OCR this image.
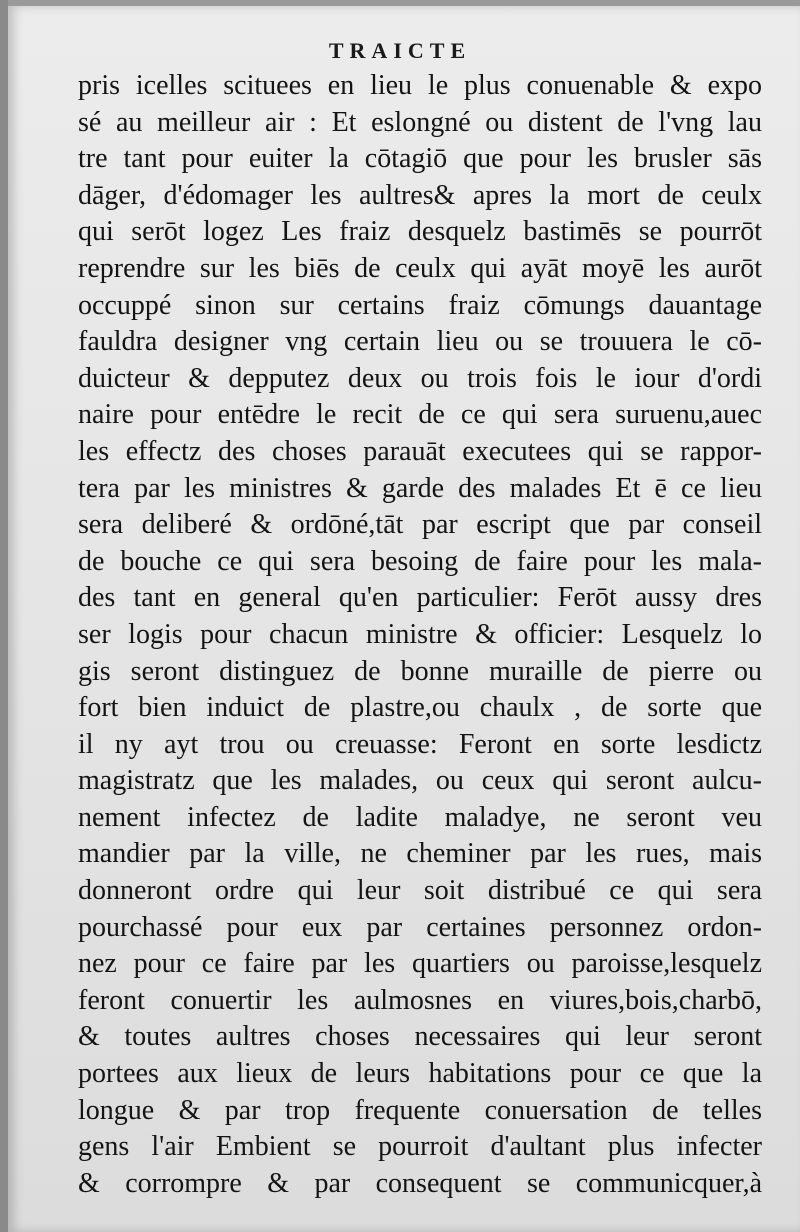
TRAICTE
pris icelles scituees en lieu le plus conuenable & expo
sé au meilleur air : Et eslongné ou distent de l'vng lau
tre tant pour euiter la cōtagiō que pour les brusler sās
dāger, d'édomager les aultres& apres la mort de ceulx
qui serōt logez Les fraiz desquelz bastimēs se pourrōt
reprendre sur les biēs de ceulx qui ayāt moyē les aurōt
occuppé sinon sur certains fraiz cōmungs dauantage
fauldra designer vng certain lieu ou se trouuera le cō-
duicteur & depputez deux ou trois fois le iour d'ordi
naire pour entēdre le recit de ce qui sera suruenu,auec
les effectz des choses parauāt executees qui se rappor-
tera par les ministres & garde des malades Et ē ce lieu
sera deliberé & ordōné,tāt par escript que par conseil
de bouche ce qui sera besoing de faire pour les mala-
des tant en general qu'en particulier: Ferōt aussy dres
ser logis pour chacun ministre & officier: Lesquelz lo
gis seront distinguez de bonne muraille de pierre ou
fort bien induict de plastre,ou chaulx , de sorte que
il ny ayt trou ou creuasse: Feront en sorte lesdictz
magistratz que les malades, ou ceux qui seront aulcu-
nement infectez de ladite maladye, ne seront veu
mandier par la ville, ne cheminer par les rues, mais
donneront ordre qui leur soit distribué ce qui sera
pourchassé pour eux par certaines personnez ordon-
nez pour ce faire par les quartiers ou paroisse,lesquelz
feront conuertir les aulmosnes en viures,bois,charbō,
& toutes aultres choses necessaires qui leur seront
portees aux lieux de leurs habitations pour ce que la
longue & par trop frequente conuersation de telles
gens l'air Embient se pourroit d'aultant plus infecter
& corrompre & par consequent se communicquer,à
